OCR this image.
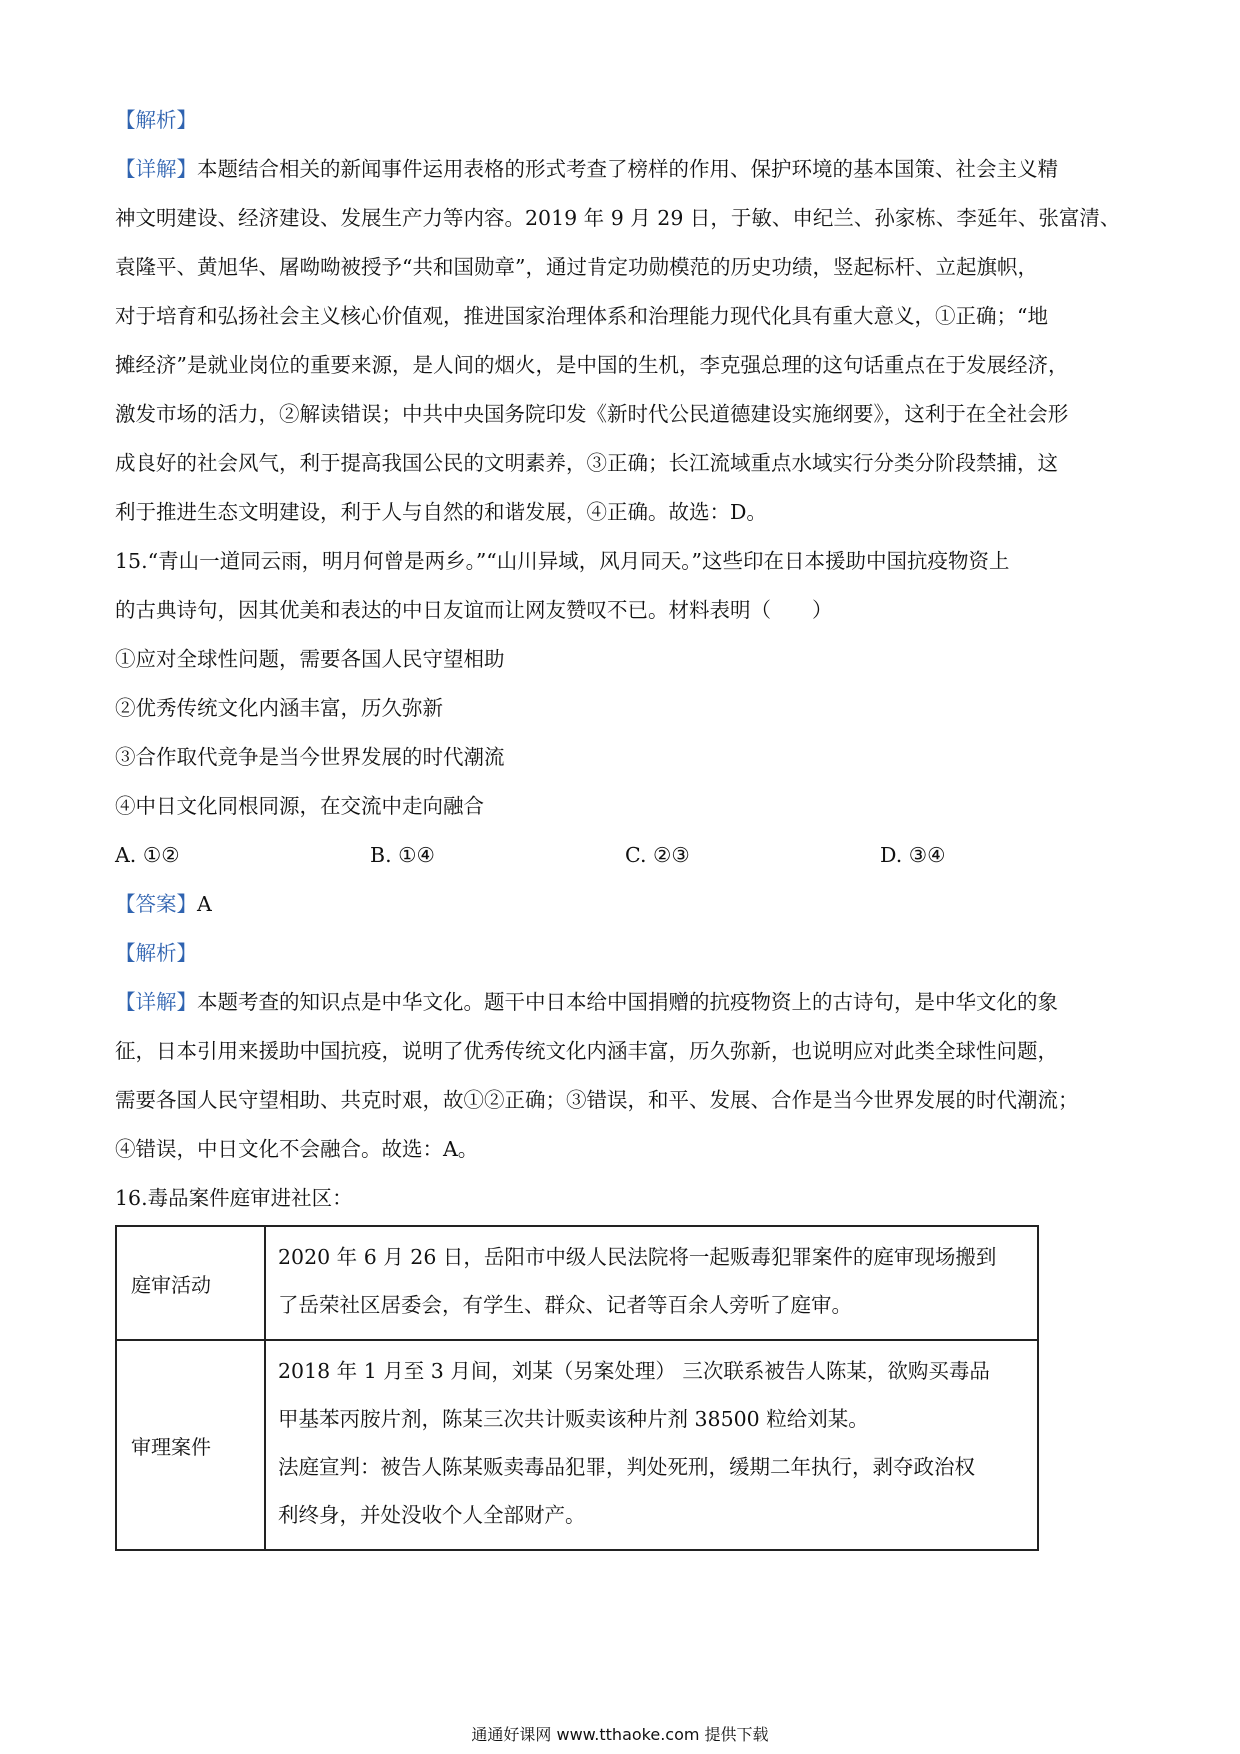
【解析】

【详解】本题结合相关的新闻事件运用表格的形式考查了榜样的作用、保护环境的基本国策、社会主义精

神文明建设、经济建设、发展生产力等内容。2019 年 9 月 29 日，于敏、申纪兰、孙家栋、李延年、张富清、

袁隆平、黄旭华、屠呦呦被授予“共和国勋章”，通过肯定功勋模范的历史功绩，竖起标杆、立起旗帜，

对于培育和弘扬社会主义核心价值观，推进国家治理体系和治理能力现代化具有重大意义，①正确；“地

摊经济”是就业岗位的重要来源，是人间的烟火，是中国的生机，李克强总理的这句话重点在于发展经济，

激发市场的活力，②解读错误；中共中央国务院印发《新时代公民道德建设实施纲要》，这利于在全社会形

成良好的社会风气，利于提高我国公民的文明素养，③正确；长江流域重点水域实行分类分阶段禁捕，这

利于推进生态文明建设，利于人与自然的和谐发展，④正确。故选：D。

15.“青山一道同云雨，明月何曾是两乡。”“山川异域，风月同天。”这些印在日本援助中国抗疫物资上

的古典诗句，因其优美和表达的中日友谊而让网友赞叹不已。材料表明（　　）

①应对全球性问题，需要各国人民守望相助

②优秀传统文化内涵丰富，历久弥新

③合作取代竞争是当今世界发展的时代潮流

④中日文化同根同源，在交流中走向融合

A. ①②	B. ①④	C. ②③	D. ③④

【答案】A

【解析】

【详解】本题考查的知识点是中华文化。题干中日本给中国捐赠的抗疫物资上的古诗句，是中华文化的象

征，日本引用来援助中国抗疫，说明了优秀传统文化内涵丰富，历久弥新，也说明应对此类全球性问题，

需要各国人民守望相助、共克时艰，故①②正确；③错误，和平、发展、合作是当今世界发展的时代潮流；

④错误，中日文化不会融合。故选：A。

16.毒品案件庭审进社区：

庭审活动	2020 年 6 月 26 日，岳阳市中级人民法院将一起贩毒犯罪案件的庭审现场搬到
了岳荣社区居委会，有学生、群众、记者等百余人旁听了庭审。

审理案件	2018 年 1 月至 3 月间，刘某（另案处理） 三次联系被告人陈某，欲购买毒品
甲基苯丙胺片剂，陈某三次共计贩卖该种片剂 38500 粒给刘某。
法庭宣判：被告人陈某贩卖毒品犯罪，判处死刑，缓期二年执行，剥夺政治权
利终身，并处没收个人全部财产。
通通好课网 www.tthaoke.com 提供下载
